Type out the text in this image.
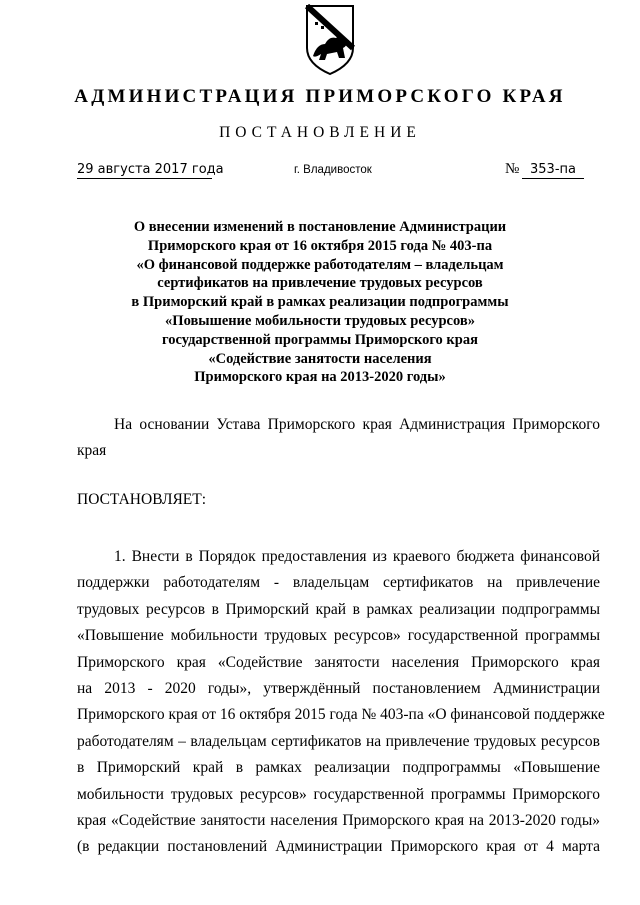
АДМИНИСТРАЦИЯ ПРИМОРСКОГО КРАЯ
ПОСТАНОВЛЕНИЕ
29 августа 2017 года	г. Владивосток	№ 353-па
О внесении изменений в постановление Администрации
Приморского края от 16 октября 2015 года № 403-па
«О финансовой поддержке работодателям – владельцам
сертификатов на привлечение трудовых ресурсов
в Приморский край в рамках реализации подпрограммы
«Повышение мобильности трудовых ресурсов»
государственной программы Приморского края
«Содействие занятости населения
Приморского края на 2013-2020 годы»
На основании Устава Приморского края Администрация Приморского
края
ПОСТАНОВЛЯЕТ:
1. Внести в Порядок предоставления из краевого бюджета финансовой
поддержки работодателям - владельцам сертификатов на привлечение
трудовых ресурсов в Приморский край в рамках реализации подпрограммы
«Повышение мобильности трудовых ресурсов» государственной программы
Приморского края «Содействие занятости населения Приморского края
на 2013 - 2020 годы», утверждённый постановлением Администрации
Приморского края от 16 октября 2015 года № 403-па «О финансовой поддержке
работодателям – владельцам сертификатов на привлечение трудовых ресурсов
в Приморский край в рамках реализации подпрограммы «Повышение
мобильности трудовых ресурсов» государственной программы Приморского
края «Содействие занятости населения Приморского края на 2013-2020 годы»
(в редакции постановлений Администрации Приморского края от 4 марта
